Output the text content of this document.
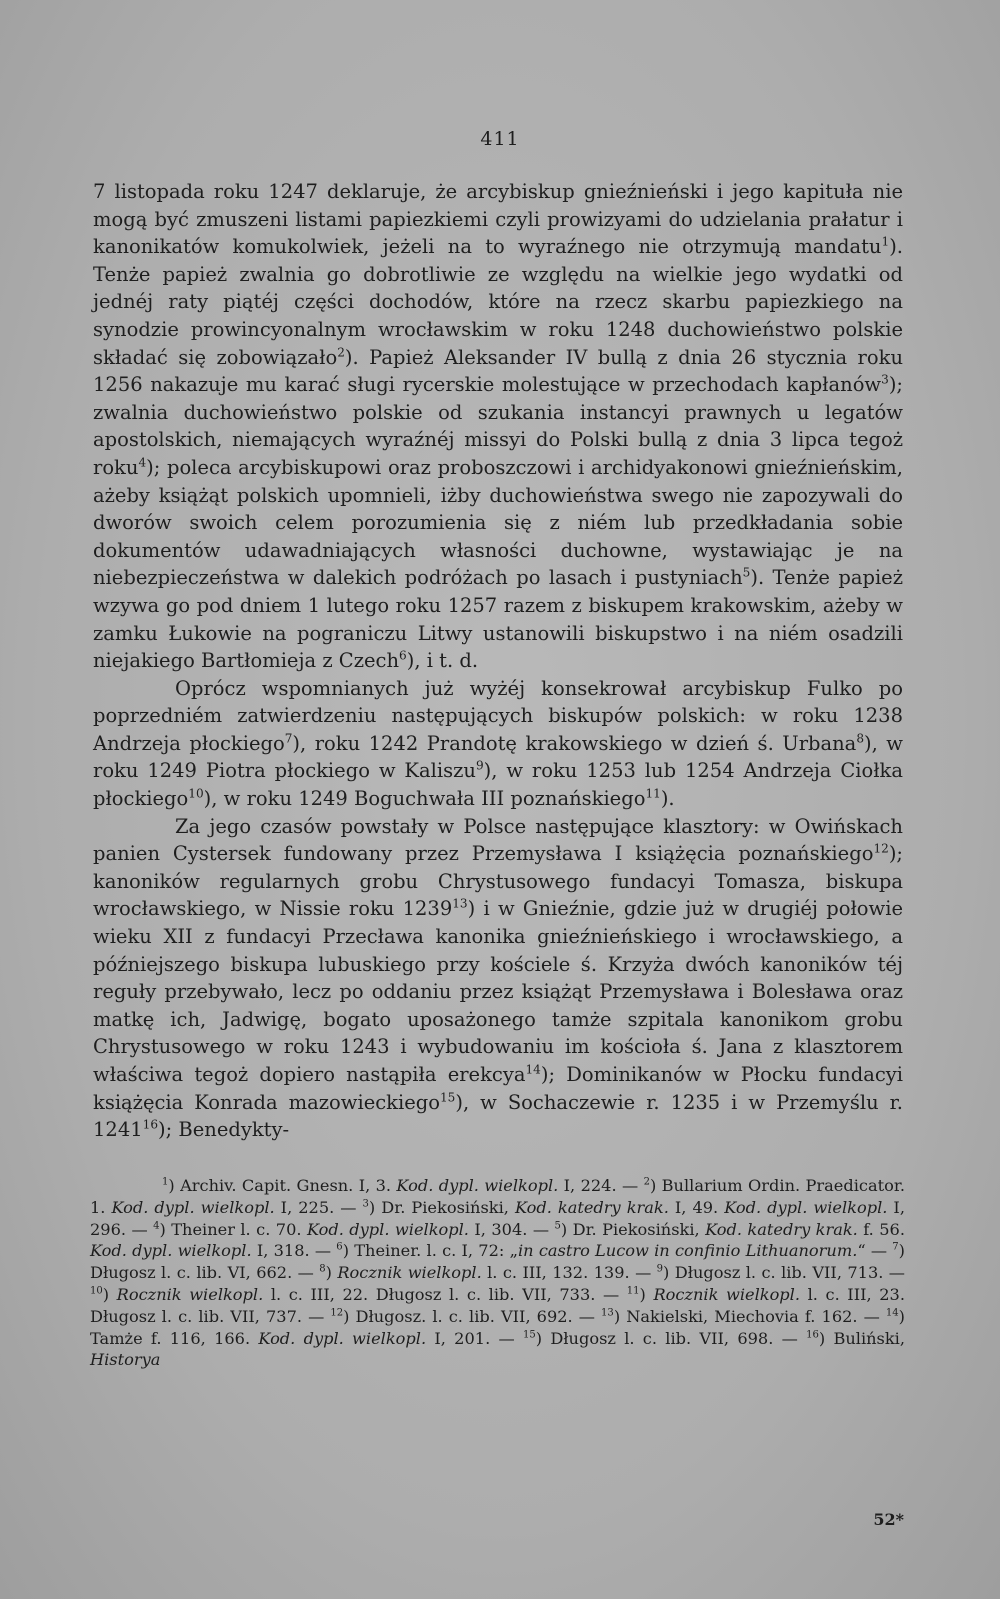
411

7 listopada roku 1247 deklaruje, że arcybiskup gnieźnieński i jego kapituła nie mogą być zmuszeni listami papiezkiemi czyli prowizyami do udzielania prałatur i kanonikatów komukolwiek, jeżeli na to wyraźnego nie otrzymują mandatu$^1$). Tenże papież zwalnia go dobrotliwie ze względu na wielkie jego wydatki od jednéj raty piątéj części dochodów, które na rzecz skarbu papiezkiego na synodzie prowincyonalnym wrocławskim w roku 1248 duchowieństwo polskie składać się zobowiązało$^2$). Papież Aleksander IV bullą z dnia 26 stycznia roku 1256 nakazuje mu karać sługi rycerskie molestujące w przechodach kapłanów$^3$); zwalnia duchowieństwo polskie od szukania instancyi prawnych u legatów apostolskich, niemających wyraźnéj missyi do Polski bullą z dnia 3 lipca tegoż roku$^4$); poleca arcybiskupowi oraz proboszczowi i archidyakonowi gnieźnieńskim, ażeby książąt polskich upomnieli, iżby duchowieństwa swego nie zapozywali do dworów swoich celem porozumienia się z niém lub przedkładania sobie dokumentów udawadniających własności duchowne, wystawiając je na niebezpieczeństwa w dalekich podróżach po lasach i pustyniach$^5$). Tenże papież wzywa go pod dniem 1 lutego roku 1257 razem z biskupem krakowskim, ażeby w zamku Łukowie na pograniczu Litwy ustanowili biskupstwo i na niém osadzili niejakiego Bartłomieja z Czech$^6$), i t. d.

Oprócz wspomnianych już wyżéj konsekrował arcybiskup Fulko po poprzedniém zatwierdzeniu następujących biskupów polskich: w roku 1238 Andrzeja płockiego$^7$), roku 1242 Prandotę krakowskiego w dzień ś. Urbana$^8$), w roku 1249 Piotra płockiego w Kaliszu$^9$), w roku 1253 lub 1254 Andrzeja Ciołka płockiego$^{10}$), w roku 1249 Boguchwała III poznańskiego$^{11}$).

Za jego czasów powstały w Polsce następujące klasztory: w Owińskach panien Cystersek fundowany przez Przemysława I książęcia poznańskiego$^{12}$); kanoników regularnych grobu Chrystusowego fundacyi Tomasza, biskupa wrocławskiego, w Nissie roku 1239$^{13}$) i w Gnieźnie, gdzie już w drugiéj połowie wieku XII z fundacyi Przecława kanonika gnieźnieńskiego i wrocławskiego, a późniejszego biskupa lubuskiego przy kościele ś. Krzyża dwóch kanoników téj reguły przebywało, lecz po oddaniu przez książąt Przemysława i Bolesława oraz matkę ich, Jadwigę, bogato uposażonego tamże szpitala kanonikom grobu Chrystusowego w roku 1243 i wybudowaniu im kościoła ś. Jana z klasztorem właściwa tegoż dopiero nastąpiła erekcya$^{14}$); Dominikanów w Płocku fundacyi książęcia Konrada mazowieckiego$^{15}$), w Sochaczewie r. 1235 i w Przemyślu r. 1241$^{16}$); Benedykty-

$^1$) Archiv. Capit. Gnesn. I, 3. Kod. dypl. wielkopl. I, 224. — $^2$) Bullarium Ordin. Praedicator. 1. Kod. dypl. wielkopl. I, 225. — $^3$) Dr. Piekosiński, Kod. katedry krak. I, 49. Kod. dypl. wielkopl. I, 296. — $^4$) Theiner l. c. 70. Kod. dypl. wielkopl. I, 304. — $^5$) Dr. Piekosiński, Kod. katedry krak. f. 56. Kod. dypl. wielkopl. I, 318. — $^6$) Theiner. l. c. I, 72: „in castro Lucow in confinio Lithuanorum.“ — $^7$) Długosz l. c. lib. VI, 662. — $^8$) Rocznik wielkopl. l. c. III, 132. 139. — $^9$) Długosz l. c. lib. VII, 713. — $^{10}$) Rocznik wielkopl. l. c. III, 22. Długosz l. c. lib. VII, 733. — $^{11}$) Rocznik wielkopl. l. c. III, 23. Długosz l. c. lib. VII, 737. — $^{12}$) Długosz. l. c. lib. VII, 692. — $^{13}$) Nakielski, Miechovia f. 162. — $^{14}$) Tamże f. 116, 166. Kod. dypl. wielkopl. I, 201. — $^{15}$) Długosz l. c. lib. VII, 698. — $^{16}$) Buliński, Historya

52*
